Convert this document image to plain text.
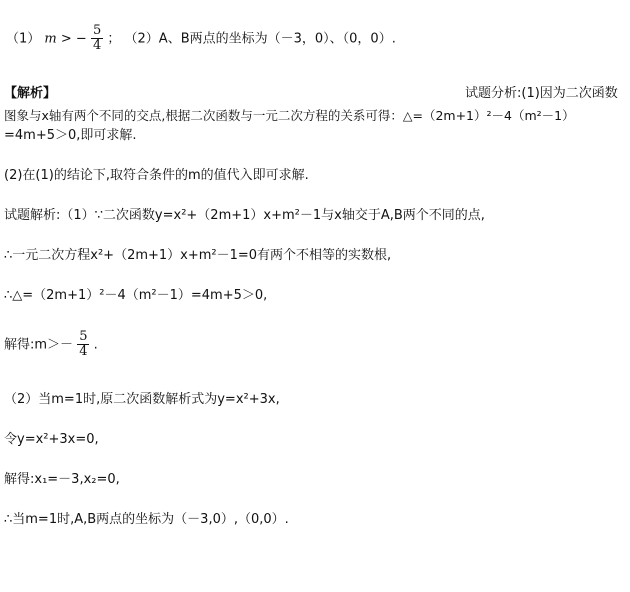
（1） m > − $\frac{5}{4}$ ； （2）A、B两点的坐标为（－3，0）、（0，0）.
【解析】	试题分析:(1)因为二次函数
图象与x轴有两个不同的交点,根据二次函数与一元二次方程的关系可得：△=（2m+1）²－4（m²－1）
=4m+5＞0,即可求解.
(2)在(1)的结论下,取符合条件的m的值代入即可求解.
试题解析:（1）∵二次函数y=x²+（2m+1）x+m²－1与x轴交于A,B两个不同的点,
∴一元二次方程x²+（2m+1）x+m²－1=0有两个不相等的实数根,
∴△=（2m+1）²－4（m²－1）=4m+5＞0,
解得:m＞－ $\frac{5}{4}$ .
（2）当m=1时,原二次函数解析式为y=x²+3x,
令y=x²+3x=0,
解得:x₁=－3,x₂=0,
∴当m=1时,A,B两点的坐标为（－3,0）,（0,0）.
